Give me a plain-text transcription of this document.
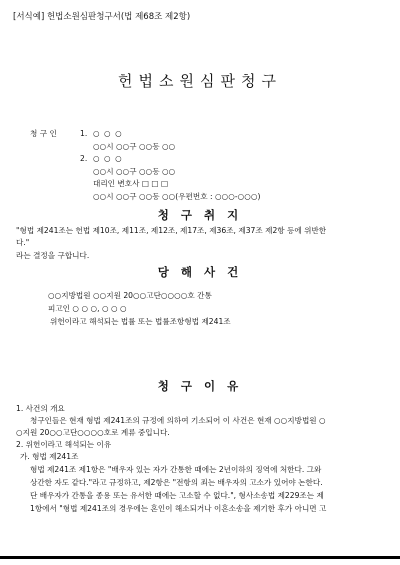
[서식예] 헌법소원심판청구서(법 제68조 제2항)
헌법소원심판청구
청 구 인	1. ○ ○ ○
○○시 ○○구 ○○동 ○○
2. ○ ○ ○
○○시 ○○구 ○○동 ○○
대리인 변호사 □ □ □
○○시 ○○구 ○○동 ○○(우편번호 : ○○○-○○○)
청 구 취 지
"형법 제241조는 헌법 제10조, 제11조, 제12조, 제17조, 제36조, 제37조 제2항 등에 위반한
다."
라는 결정을 구합니다.
당 해 사 건
○○지방법원 ○○지원 20○○고단○○○○호 간통
피고인 ○ ○ ○, ○ ○ ○
위헌이라고 해석되는 법률 또는 법률조항형법 제241조
청 구 이 유
1. 사건의 개요
청구인들은 현재 형법 제241조의 규정에 의하여 기소되어 이 사건은 현재 ○○지방법원 ○
○지원 20○○고단○○○○호로 계류 중입니다.
2. 위헌이라고 해석되는 이유
가. 형법 제241조
형법 제241조 제1항은 "배우자 있는 자가 간통한 때에는 2년이하의 징역에 처한다. 그와
상간한 자도 같다."라고 규정하고, 제2항은 "전항의 죄는 배우자의 고소가 있어야 논한다.
단 배우자가 간통을 종용 또는 유서한 때에는 고소할 수 없다.", 형사소송법 제229조는 제
1항에서 "형법 제241조의 경우에는 혼인이 해소되거나 이혼소송을 제기한 후가 아니면 고
